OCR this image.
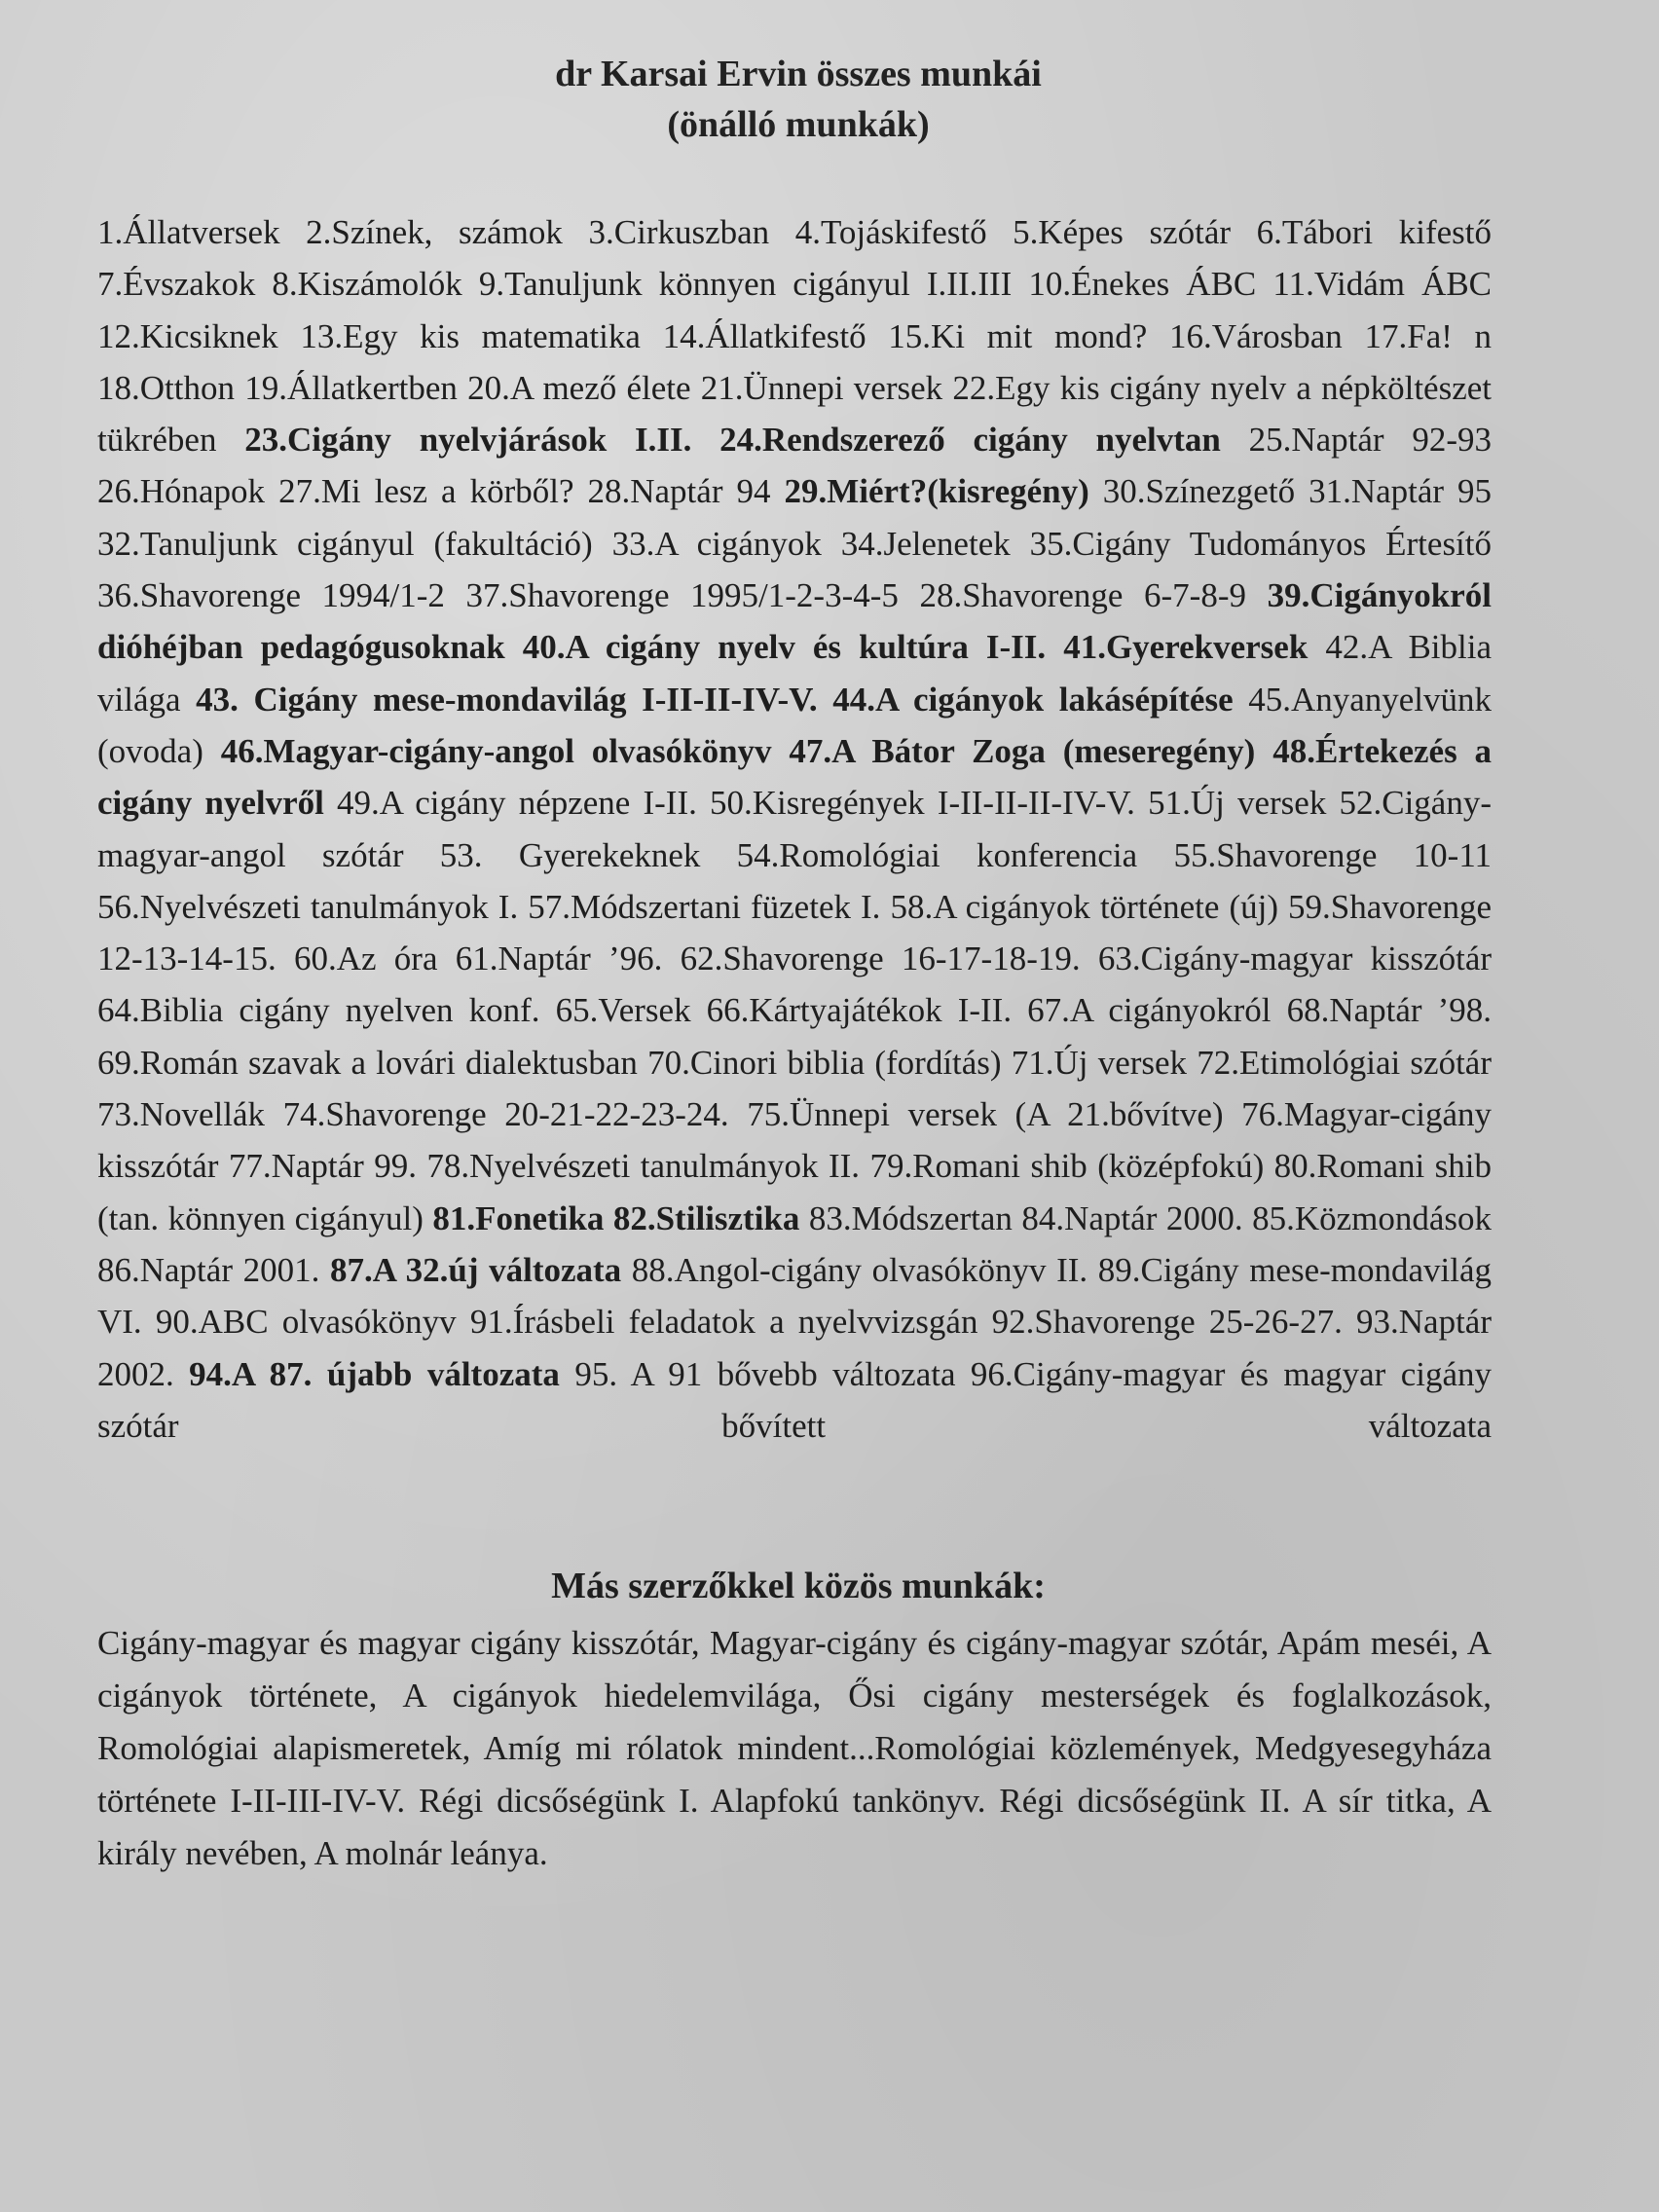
dr Karsai Ervin összes munkái
(önálló munkák)
1.Állatversek 2.Színek, számok 3.Cirkuszban 4.Tojáskifestő 5.Képes szótár 6.Tábori kifestő 7.Évszakok 8.Kiszámolók 9.Tanuljunk könnyen cigányul I.II.III 10.Énekes ÁBC 11.Vidám ÁBC 12.Kicsiknek 13.Egy kis matematika 14.Állatkifestő 15.Ki mit mond? 16.Városban 17.Fa! n 18.Otthon 19.Állatkertben 20.A mező élete 21.Ünnepi versek 22.Egy kis cigány nyelv a népköltészet tükrében 23.Cigány nyelvjárások I.II. 24.Rendszerező cigány nyelvtan 25.Naptár 92-93 26.Hónapok 27.Mi lesz a körből? 28.Naptár 94 29.Miért?(kisregény) 30.Színezgető 31.Naptár 95 32.Tanuljunk cigányul (fakultáció) 33.A cigányok 34.Jelenetek 35.Cigány Tudományos Értesítő 36.Shavorenge 1994/1-2 37.Shavorenge 1995/1-2-3-4-5 28.Shavorenge 6-7-8-9 39.Cigányokról dióhéjban pedagógusoknak 40.A cigány nyelv és kultúra I-II. 41.Gyerekversek 42.A Biblia világa 43. Cigány mese-mondavilág I-II-II-IV-V. 44.A cigányok lakásépítése 45.Anyanyelvünk (ovoda) 46.Magyar-cigány-angol olvasókönyv 47.A Bátor Zoga (meseregény) 48.Értekezés a cigány nyelvről 49.A cigány népzene I-II. 50.Kisregények I-II-II-II-IV-V. 51.Új versek 52.Cigány-magyar-angol szótár 53. Gyerekeknek 54.Romológiai konferencia 55.Shavorenge 10-11 56.Nyelvészeti tanulmányok I. 57.Módszertani füzetek I. 58.A cigányok története (új) 59.Shavorenge 12-13-14-15. 60.Az óra 61.Naptár ’96. 62.Shavorenge 16-17-18-19. 63.Cigány-magyar kisszótár 64.Biblia cigány nyelven konf. 65.Versek 66.Kártyajátékok I-II. 67.A cigányokról 68.Naptár ’98. 69.Román szavak a lovári dialektusban 70.Cinori biblia (fordítás) 71.Új versek 72.Etimológiai szótár 73.Novellák 74.Shavorenge 20-21-22-23-24. 75.Ünnepi versek (A 21.bővítve) 76.Magyar-cigány kisszótár 77.Naptár 99. 78.Nyelvészeti tanulmányok II. 79.Romani shib (középfokú) 80.Romani shib (tan. könnyen cigányul) 81.Fonetika 82.Stilisztika 83.Módszertan 84.Naptár 2000. 85.Közmondások 86.Naptár 2001. 87.A 32.új változata 88.Angol-cigány olvasókönyv II. 89.Cigány mese-mondavilág VI. 90.ABC olvasókönyv 91.Írásbeli feladatok a nyelvvizsgán 92.Shavorenge 25-26-27. 93.Naptár 2002. 94.A 87. újabb változata 95. A 91 bővebb változata 96.Cigány-magyar és magyar cigány szótár bővített változata
Más szerzőkkel közös munkák:
Cigány-magyar és magyar cigány kisszótár, Magyar-cigány és cigány-magyar szótár, Apám meséi, A cigányok története, A cigányok hiedelemvilága, Ősi cigány mesterségek és foglalkozások, Romológiai alapismeretek, Amíg mi rólatok mindent...Romológiai közlemények, Medgyesegyháza története I-II-III-IV-V. Régi dicsőségünk I. Alapfokú tankönyv. Régi dicsőségünk II. A sír titka, A király nevében, A molnár leánya.
